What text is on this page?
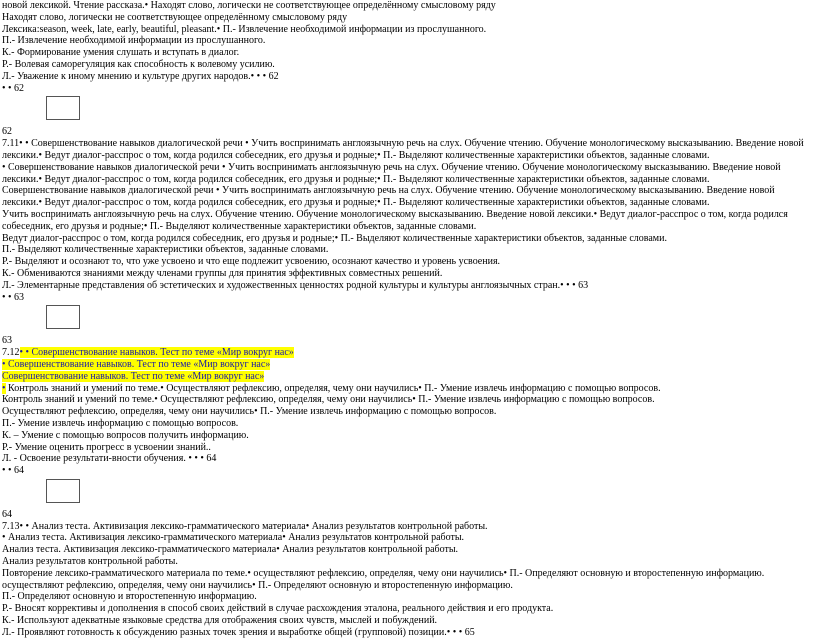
новой лексикой. Чтение рассказа.• Находят слово, логически не соответствующее определённому смысловому ряду
Находят слово, логически не соответствующее определённому смысловому ряду
Лексика:season, week, late, early, beautiful, pleasant.• П.- Извлечение необходимой информации из прослушанного.
П.- Извлечение необходимой информации из прослушанного.
К.- Формирование умения слушать и вступать в диалог.
Р.- Волевая саморегуляция как способность к волевому усилию.
Л.- Уважение к иному мнению и культуре других народов.• • • 62
• • 62
62
7.11• • Совершенствование навыков диалогической речи • Учить воспринимать англоязычную речь на слух. Обучение чтению. Обучение монологическому высказыванию. Введение новой лексики.• Ведут диалог-расспрос о том, когда родился собеседник, его друзья и родные;• П.- Выделяют количественные характеристики объектов, заданные словами.
• Совершенствование навыков диалогической речи • Учить воспринимать англоязычную речь на слух. Обучение чтению. Обучение монологическому высказыванию. Введение новой лексики.• Ведут диалог-расспрос о том, когда родился собеседник, его друзья и родные;• П.- Выделяют количественные характеристики объектов, заданные словами.
Совершенствование навыков диалогической речи • Учить воспринимать англоязычную речь на слух. Обучение чтению. Обучение монологическому высказыванию. Введение новой лексики.• Ведут диалог-расспрос о том, когда родился собеседник, его друзья и родные;• П.- Выделяют количественные характеристики объектов, заданные словами.
Учить воспринимать англоязычную речь на слух. Обучение чтению. Обучение монологическому высказыванию. Введение новой лексики.• Ведут диалог-расспрос о том, когда родился собеседник, его друзья и родные;• П.- Выделяют количественные характеристики объектов, заданные словами.
Ведут диалог-расспрос о том, когда родился собеседник, его друзья и родные;• П.- Выделяют количественные характеристики объектов, заданные словами.
П.- Выделяют количественные характеристики объектов, заданные словами.
Р.- Выделяют и осознают то, что уже усвоено и что еще подлежит усвоению, осознают качество и уровень усвоения.
К.- Обмениваются знаниями между членами группы для принятия эффективных совместных решений.
Л.- Элементарные представления об эстетических и художественных ценностях родной культуры и культуры англоязычных стран.• • • 63
• • 63
63
7.12• • Совершенствование навыков. Тест по теме «Мир вокруг нас»
• Совершенствование навыков. Тест по теме «Мир вокруг нас»
Совершенствование навыков. Тест по теме «Мир вокруг нас»
• Контроль знаний и умений по теме.• Осуществляют рефлексию, определяя, чему они научились• П.- Умение извлечь информацию с помощью вопросов.
Контроль знаний и умений по теме.• Осуществляют рефлексию, определяя, чему они научились• П.- Умение извлечь информацию с помощью вопросов.
Осуществляют рефлексию, определяя, чему они научились• П.- Умение извлечь информацию с помощью вопросов.
П.- Умение извлечь информацию с помощью вопросов.
К. – Умение с помощью вопросов получить информацию.
Р.- Умение оценить прогресс в усвоении знаний..
Л. - Освоение результати-вности обучения. • • • 64
• • 64
64
7.13• • Анализ теста. Активизация лексико-грамматического материала• Анализ результатов контрольной работы.
• Анализ теста. Активизация лексико-грамматического материала• Анализ результатов контрольной работы.
Анализ теста. Активизация лексико-грамматического материала• Анализ результатов контрольной работы.
Анализ результатов контрольной работы.
Повторение лексико-грамматического материала по теме.• осуществляют рефлексию, определяя, чему они научились• П.- Определяют основную и второстепенную информацию.
осуществляют рефлексию, определяя, чему они научились• П.- Определяют основную и второстепенную информацию.
П.- Определяют основную и второстепенную информацию.
Р.- Вносят коррективы и дополнения в способ своих действий в случае расхождения эталона, реального действия и его продукта.
К.- Используют адекватные языковые средства для отображения своих чувств, мыслей и побуждений.
Л.- Проявляют готовность к обсуждению разных точек зрения и выработке общей (групповой) позиции.• • • 65
